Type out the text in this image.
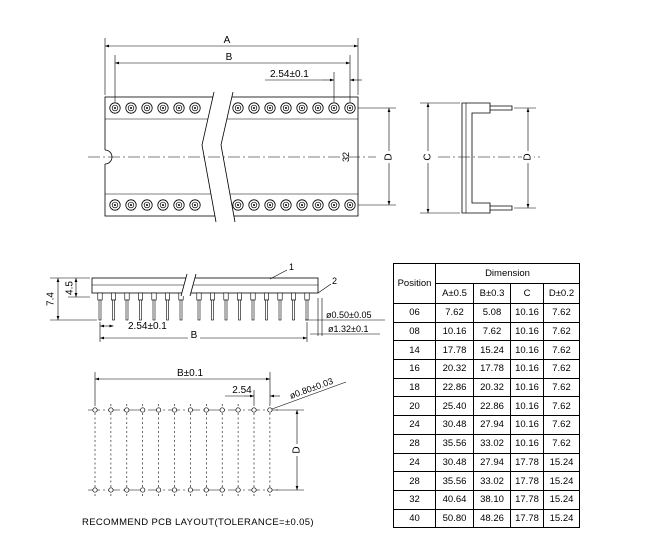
32
A
B
2.54±0.1
D	C	D
7.4
4.5
1
2
2.54±0.1
B
ø0.50±0.05
ø1.32±0.1
B±0.1
2.54	ø0.80±0.03
D
RECOMMEND PCB LAYOUT(TOLERANCE=±0.05)
Position	Dimension			
	A±0.5	B±0.3	C	D±0.2
06	7.62	5.08	10.16	7.62
08	10.16	7.62	10.16	7.62
14	17.78	15.24	10.16	7.62
16	20.32	17.78	10.16	7.62
18	22.86	20.32	10.16	7.62
20	25.40	22.86	10.16	7.62
24	30.48	27.94	10.16	7.62
28	35.56	33.02	10.16	7.62
24	30.48	27.94	17.78	15.24
28	35.56	33.02	17.78	15.24
32	40.64	38.10	17.78	15.24
40	50.80	48.26	17.78	15.24
